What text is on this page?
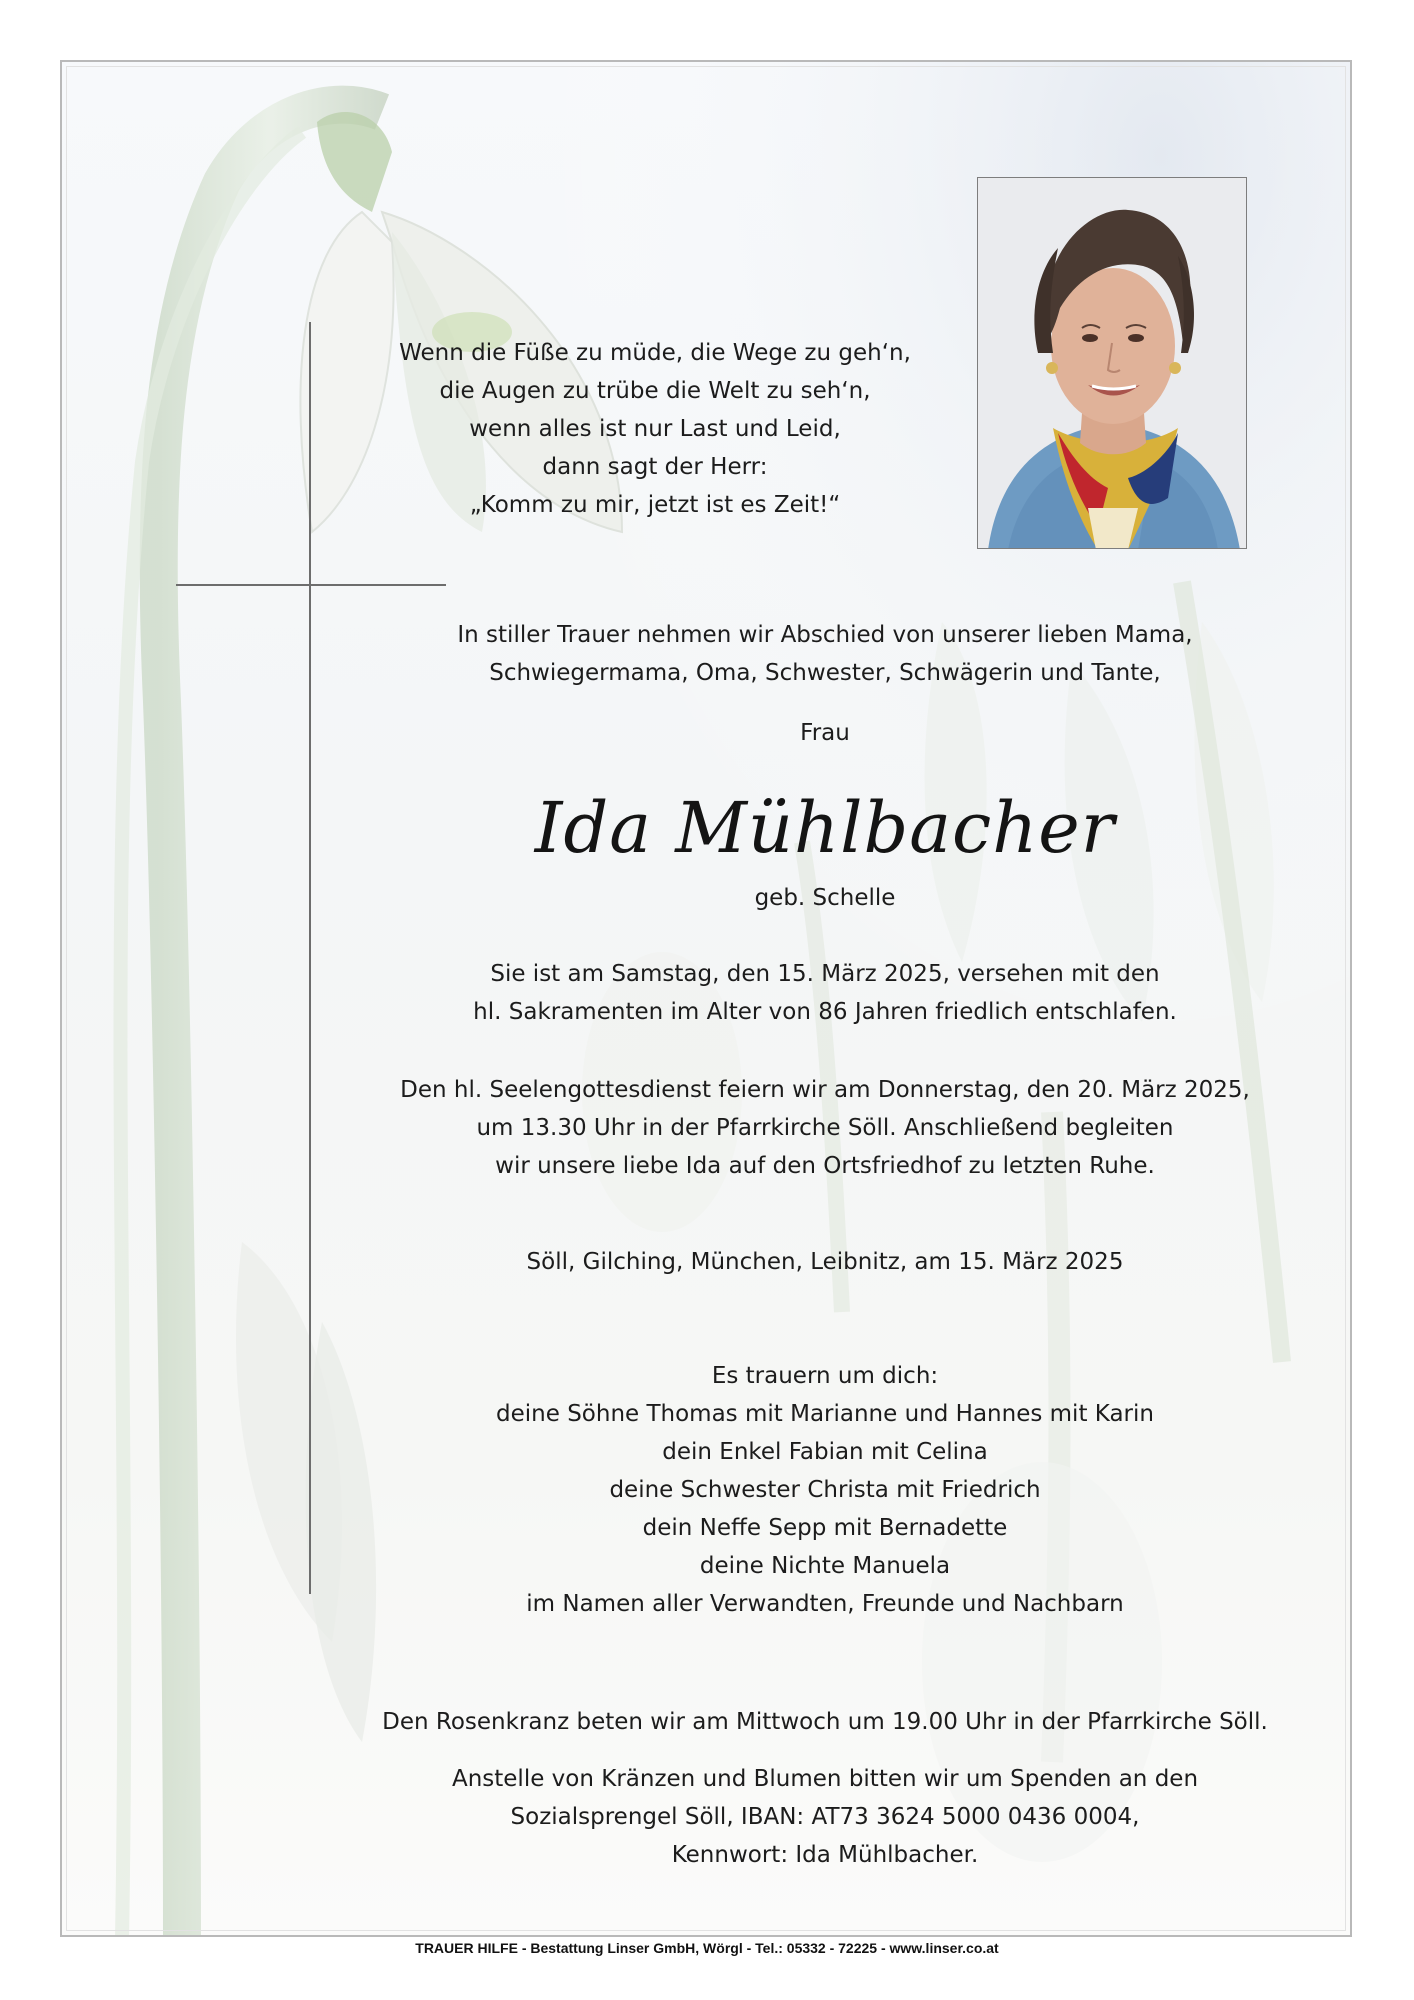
Wenn die Füße zu müde, die Wege zu geh‘n,
die Augen zu trübe die Welt zu seh‘n,
wenn alles ist nur Last und Leid,
dann sagt der Herr:
„Komm zu mir, jetzt ist es Zeit!“
In stiller Trauer nehmen wir Abschied von unserer lieben Mama,
Schwiegermama, Oma, Schwester, Schwägerin und Tante,
Frau
Ida Mühlbacher
geb. Schelle
Sie ist am Samstag, den 15. März 2025, versehen mit den
hl. Sakramenten im Alter von 86 Jahren friedlich entschlafen.
Den hl. Seelengottesdienst feiern wir am Donnerstag, den 20. März 2025,
um 13.30 Uhr in der Pfarrkirche Söll. Anschließend begleiten
wir unsere liebe Ida auf den Ortsfriedhof zu letzten Ruhe.
Söll, Gilching, München, Leibnitz, am 15. März 2025
Es trauern um dich:
deine Söhne Thomas mit Marianne und Hannes mit Karin
dein Enkel Fabian mit Celina
deine Schwester Christa mit Friedrich
dein Neffe Sepp mit Bernadette
deine Nichte Manuela
im Namen aller Verwandten, Freunde und Nachbarn
Den Rosenkranz beten wir am Mittwoch um 19.00 Uhr in der Pfarrkirche Söll.
Anstelle von Kränzen und Blumen bitten wir um Spenden an den
Sozialsprengel Söll, IBAN: AT73 3624 5000 0436 0004,
Kennwort: Ida Mühlbacher.
TRAUER HILFE - Bestattung Linser GmbH, Wörgl - Tel.: 05332 - 72225 - www.linser.co.at
